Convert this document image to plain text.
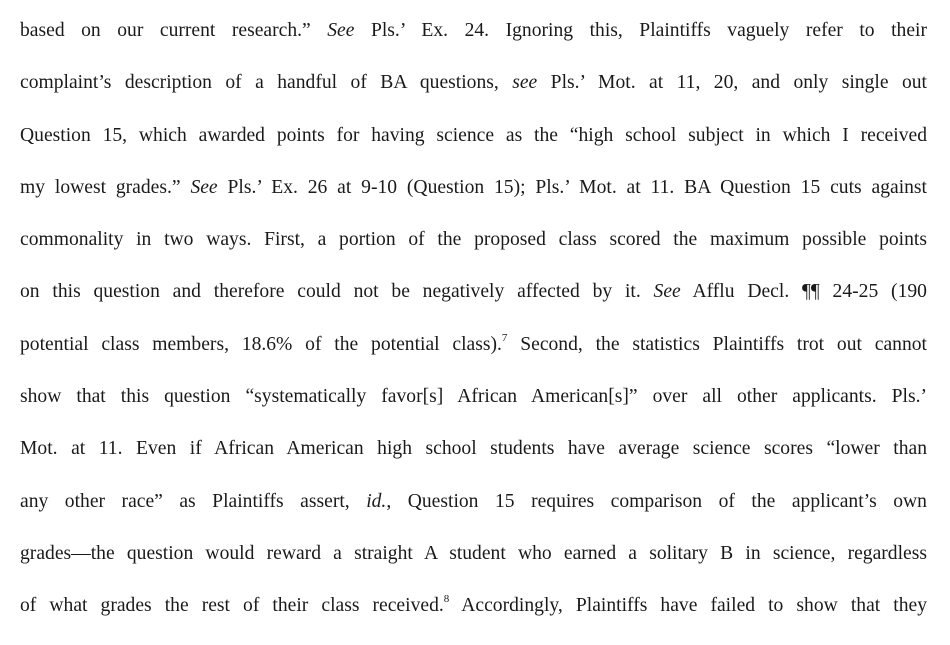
based on our current research.” See Pls.’ Ex. 24. Ignoring this, Plaintiffs vaguely refer to their
complaint’s description of a handful of BA questions, see Pls.’ Mot. at 11, 20, and only single out
Question 15, which awarded points for having science as the “high school subject in which I received
my lowest grades.” See Pls.’ Ex. 26 at 9-10 (Question 15); Pls.’ Mot. at 11. BA Question 15 cuts against
commonality in two ways. First, a portion of the proposed class scored the maximum possible points
on this question and therefore could not be negatively affected by it. See Afflu Decl. ¶¶ 24-25 (190
potential class members, 18.6% of the potential class).$^7$ Second, the statistics Plaintiffs trot out cannot
show that this question “systematically favor[s] African American[s]” over all other applicants. Pls.’
Mot. at 11. Even if African American high school students have average science scores “lower than
any other race” as Plaintiffs assert, id., Question 15 requires comparison of the applicant’s own
grades—the question would reward a straight A student who earned a solitary B in science, regardless
of what grades the rest of their class received.$^8$ Accordingly, Plaintiffs have failed to show that they
